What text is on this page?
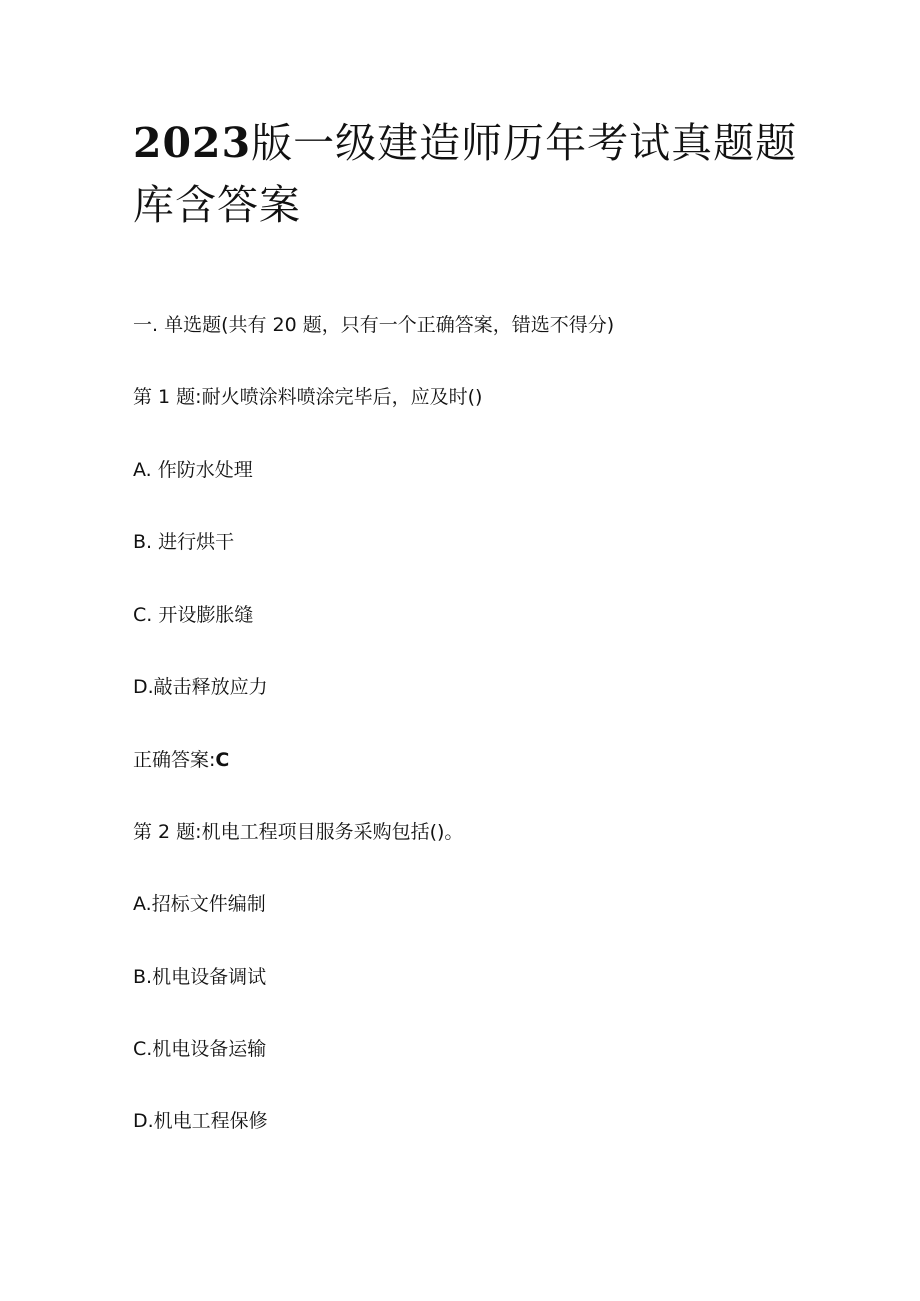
2023版一级建造师历年考试真题题库含答案

一. 单选题(共有 20 题，只有一个正确答案，错选不得分)

第 1 题:耐火喷涂料喷涂完毕后，应及时()

A. 作防水处理

B. 进行烘干

C. 开设膨胀缝

D.敲击释放应力

正确答案:C

第 2 题:机电工程项目服务采购包括()。

A.招标文件编制

B.机电设备调试

C.机电设备运输

D.机电工程保修
